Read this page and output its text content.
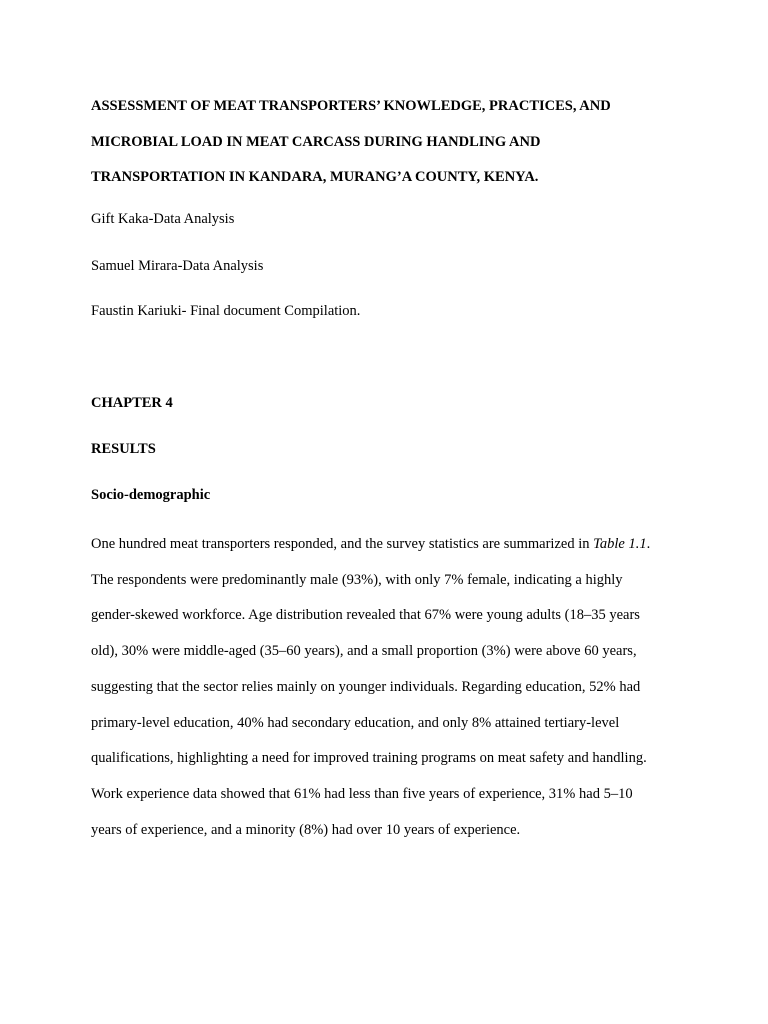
ASSESSMENT OF MEAT TRANSPORTERS’ KNOWLEDGE, PRACTICES, AND
MICROBIAL LOAD IN MEAT CARCASS DURING HANDLING AND
TRANSPORTATION IN KANDARA, MURANG’A COUNTY, KENYA.

Gift Kaka-Data Analysis

Samuel Mirara-Data Analysis

Faustin Kariuki- Final document Compilation.

CHAPTER 4
RESULTS
Socio-demographic
One hundred meat transporters responded, and the survey statistics are summarized in Table 1.1.
The respondents were predominantly male (93%), with only 7% female, indicating a highly
gender-skewed workforce. Age distribution revealed that 67% were young adults (18–35 years
old), 30% were middle-aged (35–60 years), and a small proportion (3%) were above 60 years,
suggesting that the sector relies mainly on younger individuals. Regarding education, 52% had
primary-level education, 40% had secondary education, and only 8% attained tertiary-level
qualifications, highlighting a need for improved training programs on meat safety and handling.
Work experience data showed that 61% had less than five years of experience, 31% had 5–10
years of experience, and a minority (8%) had over 10 years of experience.
